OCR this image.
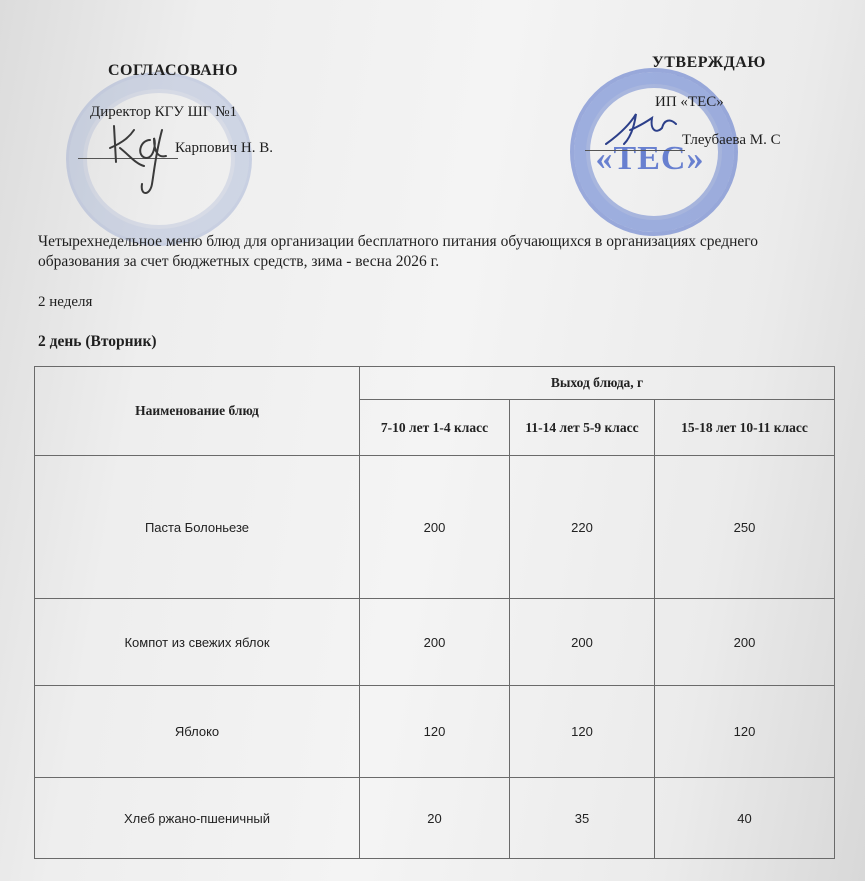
СОГЛАСОВАНО
Директор КГУ ШГ №1
Карпович Н. В.	«ТЕС»
УТВЕРЖДАЮ
ИП «ТЕС»
Тлеубаева М. С
Четырехнедельное меню блюд для организации бесплатного питания обучающихся в организациях среднего
образования за счет бюджетных средств, зима - весна 2026 г.
2 неделя
2 день (Вторник)
Наименование блюд	Выход блюда, г		
	7-10 лет 1-4 класс	11-14 лет 5-9 класс	15-18 лет 10-11 класс
Паста Болоньезе	200	220	250
Компот из свежих яблок	200	200	200
Яблоко	120	120	120
Хлеб ржано-пшеничный	20	35	40
